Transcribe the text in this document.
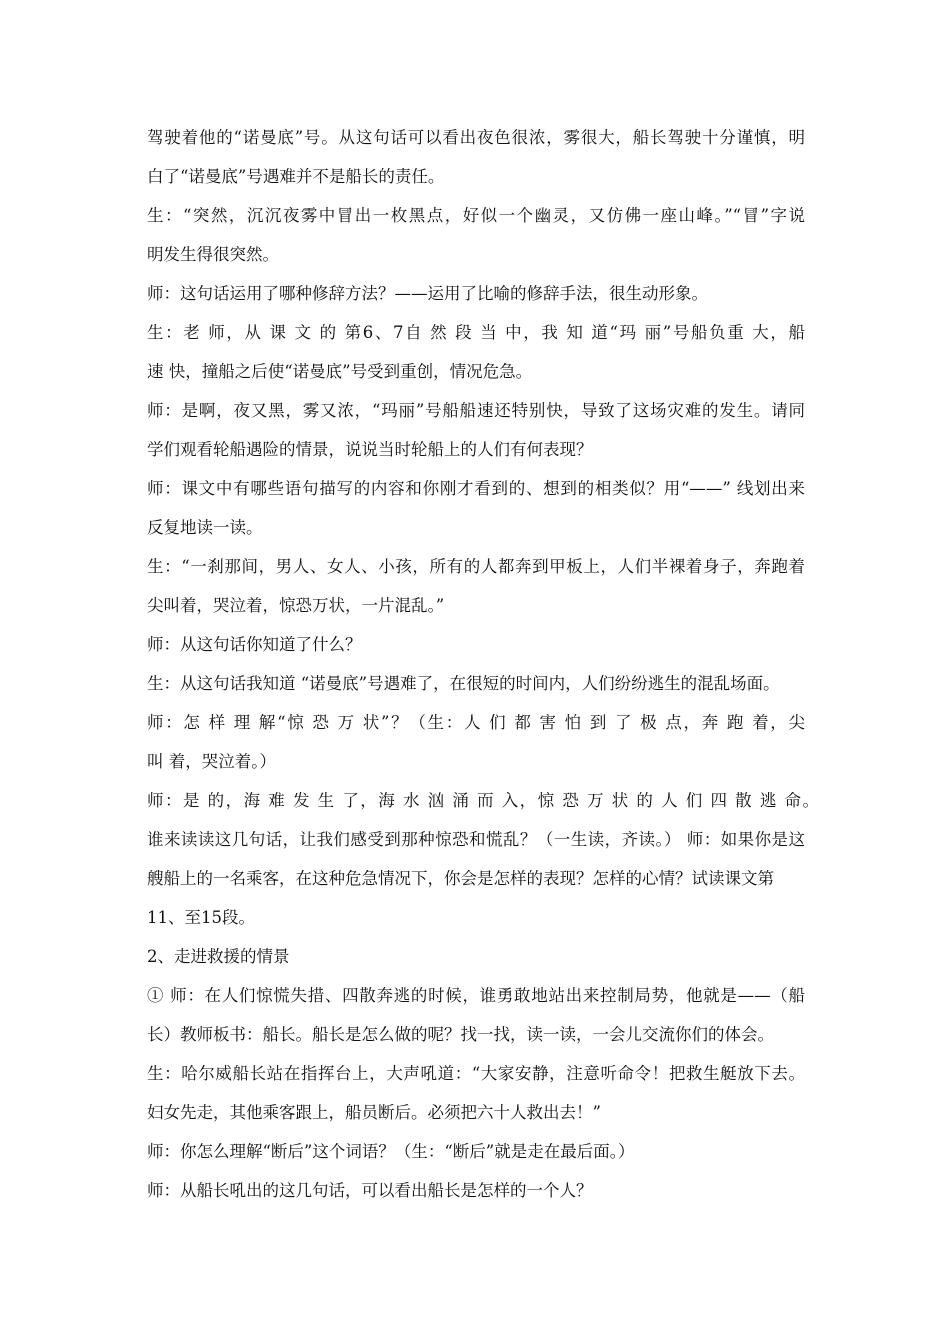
驾驶着他的“诺曼底”号。从这句话可以看出夜色很浓，雾很大，船长驾驶十分谨慎，明
白了“诺曼底”号遇难并不是船长的责任。
生：“突然，沉沉夜雾中冒出一枚黑点，好似一个幽灵，又仿佛一座山峰。”“冒”字说
明发生得很突然。
师：这句话运用了哪种修辞方法？——运用了比喻的修辞手法，很生动形象。
生：老 师，从 课 文 的 第6、7自 然 段 当 中，我 知 道“玛 丽”号船负重 大，船
速 快，撞船之后使“诺曼底”号受到重创，情况危急。
师：是啊，夜又黑，雾又浓，“玛丽”号船船速还特别快，导致了这场灾难的发生。请同
学们观看轮船遇险的情景，说说当时轮船上的人们有何表现？
师：课文中有哪些语句描写的内容和你刚才看到的、想到的相类似？用“——” 线划出来
反复地读一读。
生：“一刹那间，男人、女人、小孩，所有的人都奔到甲板上，人们半裸着身子，奔跑着
尖叫着，哭泣着，惊恐万状，一片混乱。”
师：从这句话你知道了什么？
生：从这句话我知道 “诺曼底”号遇难了，在很短的时间内，人们纷纷逃生的混乱场面。
师：怎 样 理 解“惊 恐 万 状”？（生：人 们 都 害 怕 到 了 极 点，奔 跑 着，尖
叫 着，哭泣着。）
师：是 的，海 难 发 生 了，海 水 汹 涌 而 入，惊 恐 万 状 的 人 们 四 散 逃 命。
谁来读读这几句话，让我们感受到那种惊恐和慌乱？（一生读，齐读。） 师：如果你是这
艘船上的一名乘客，在这种危急情况下，你会是怎样的表现？怎样的心情？试读课文第
11、至15段。
2、走进救援的情景
① 师：在人们惊慌失措、四散奔逃的时候，谁勇敢地站出来控制局势，他就是——（船
长）教师板书：船长。船长是怎么做的呢？找一找，读一读，一会儿交流你们的体会。
生：哈尔威船长站在指挥台上，大声吼道：“大家安静，注意听命令！把救生艇放下去。
妇女先走，其他乘客跟上，船员断后。必须把六十人救出去！”
师：你怎么理解“断后”这个词语？（生：“断后”就是走在最后面。）
师：从船长吼出的这几句话，可以看出船长是怎样的一个人？
